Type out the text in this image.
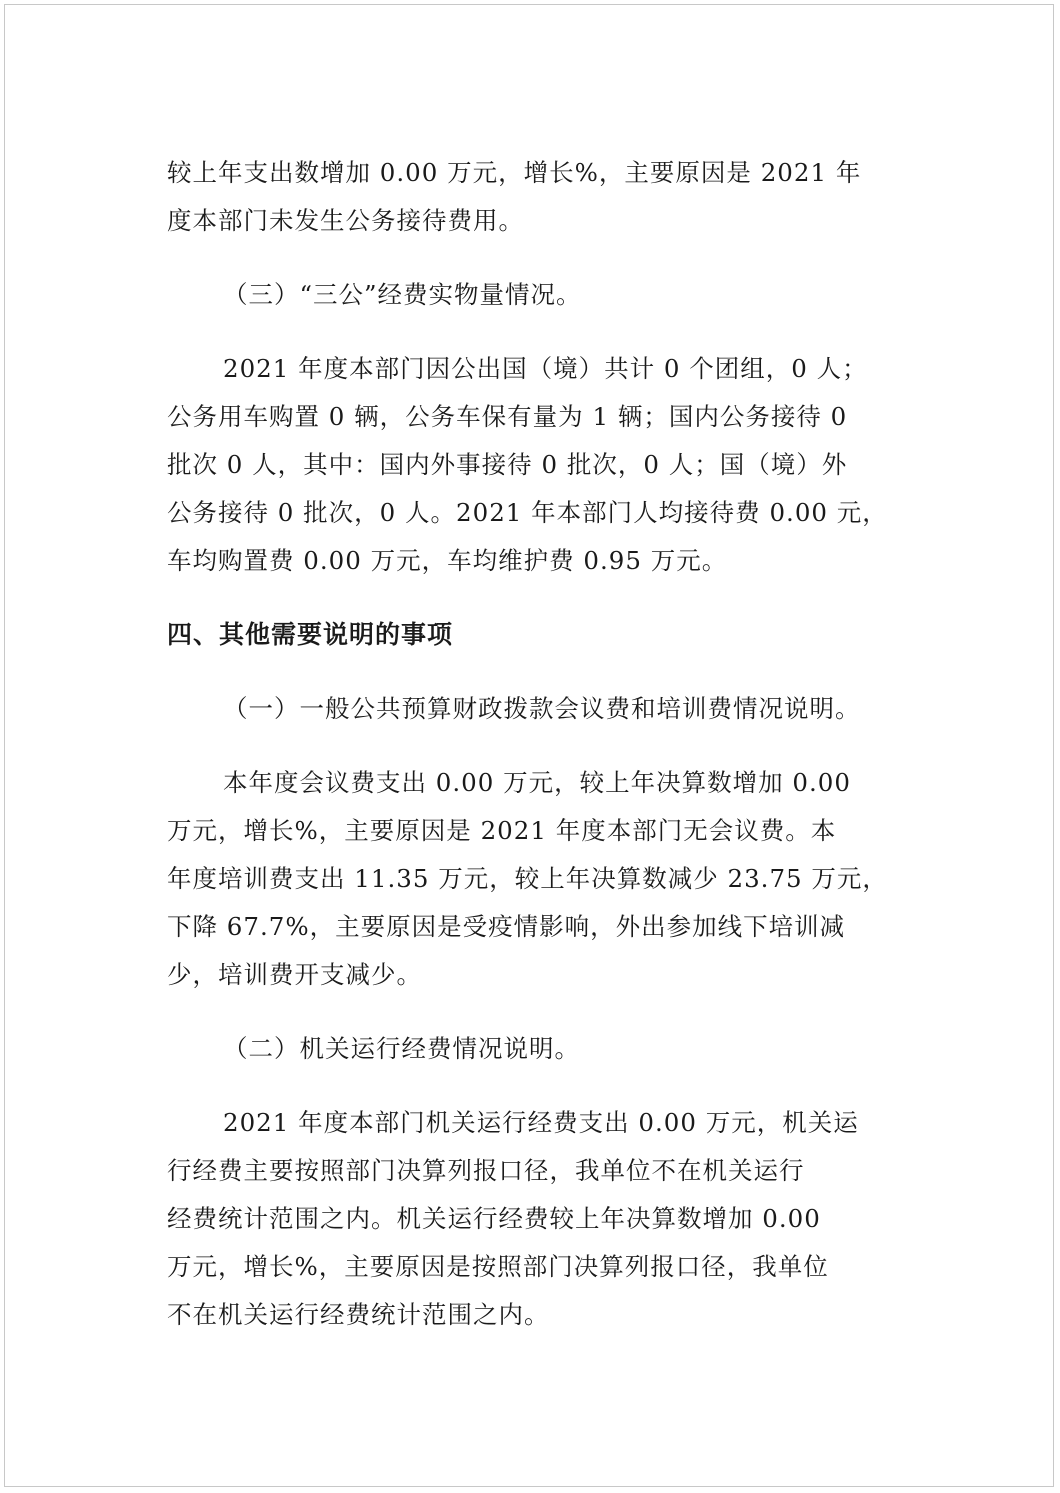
较上年支出数增加 0.00 万元，增长%，主要原因是 2021 年
度本部门未发生公务接待费用。

（三）“三公”经费实物量情况。

2021 年度本部门因公出国（境）共计 0 个团组，0 人；
公务用车购置 0 辆，公务车保有量为 1 辆；国内公务接待 0
批次 0 人，其中：国内外事接待 0 批次，0 人；国（境）外
公务接待 0 批次，0 人。2021 年本部门人均接待费 0.00 元，
车均购置费 0.00 万元，车均维护费 0.95 万元。

四、其他需要说明的事项

（一）一般公共预算财政拨款会议费和培训费情况说明。

本年度会议费支出 0.00 万元，较上年决算数增加 0.00
万元，增长%，主要原因是 2021 年度本部门无会议费。本
年度培训费支出 11.35 万元，较上年决算数减少 23.75 万元，
下降 67.7%，主要原因是受疫情影响，外出参加线下培训减
少，培训费开支减少。

（二）机关运行经费情况说明。

2021 年度本部门机关运行经费支出 0.00 万元，机关运
行经费主要按照部门决算列报口径，我单位不在机关运行
经费统计范围之内。机关运行经费较上年决算数增加 0.00
万元，增长%，主要原因是按照部门决算列报口径，我单位
不在机关运行经费统计范围之内。
